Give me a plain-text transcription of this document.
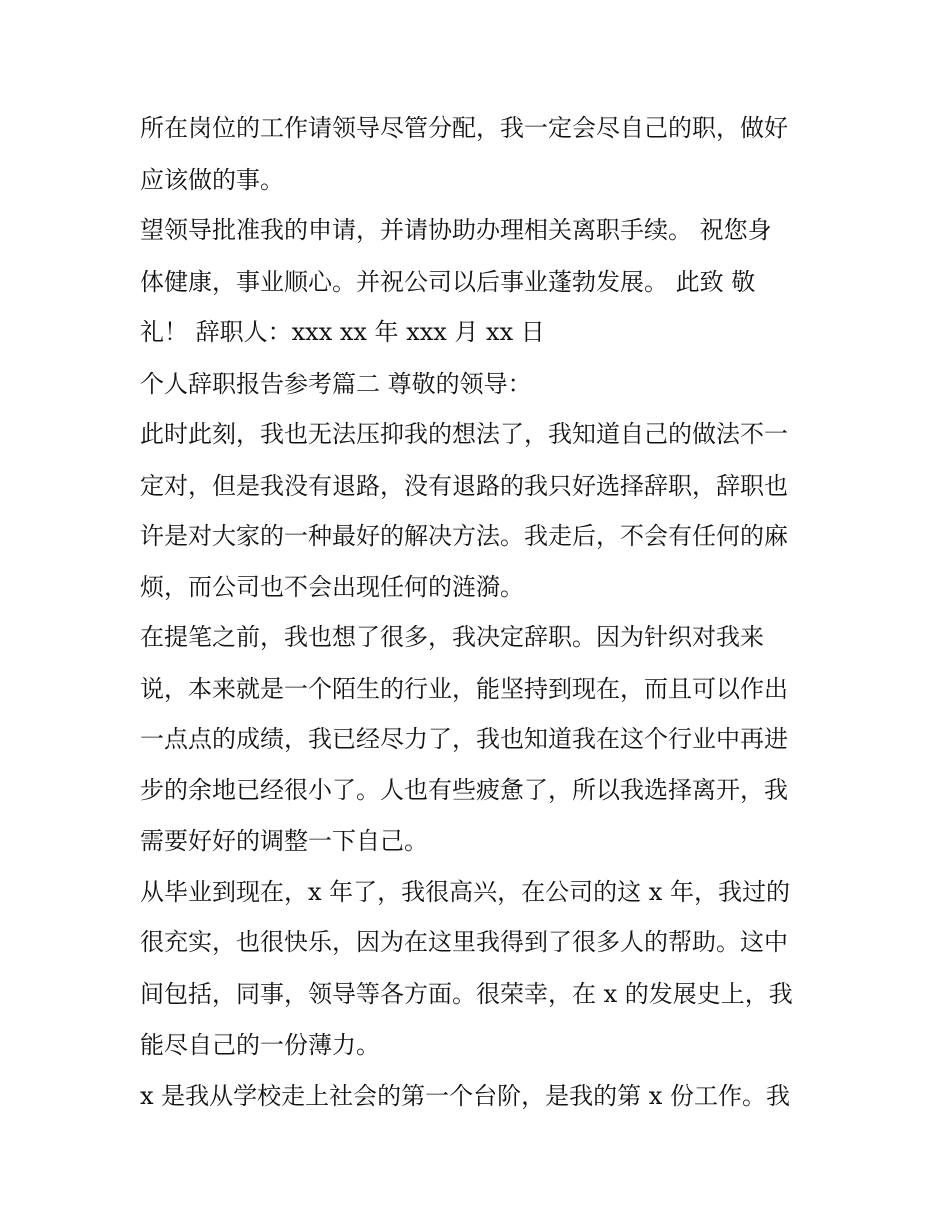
所在岗位的工作请领导尽管分配，我一定会尽自己的职，做好
应该做的事。
望领导批准我的申请，并请协助办理相关离职手续。 祝您身
体健康，事业顺心。并祝公司以后事业蓬勃发展。 此致 敬
礼！ 辞职人：xxx xx 年 xxx 月 xx 日
个人辞职报告参考篇二 尊敬的领导：
此时此刻，我也无法压抑我的想法了，我知道自己的做法不一
定对，但是我没有退路，没有退路的我只好选择辞职，辞职也
许是对大家的一种最好的解决方法。我走后，不会有任何的麻
烦，而公司也不会出现任何的涟漪。
在提笔之前，我也想了很多，我决定辞职。因为针织对我来
说，本来就是一个陌生的行业，能坚持到现在，而且可以作出
一点点的成绩，我已经尽力了，我也知道我在这个行业中再进
步的余地已经很小了。人也有些疲惫了，所以我选择离开，我
需要好好的调整一下自己。
从毕业到现在，x 年了，我很高兴，在公司的这 x 年，我过的
很充实，也很快乐，因为在这里我得到了很多人的帮助。这中
间包括，同事，领导等各方面。很荣幸，在 x 的发展史上，我
能尽自己的一份薄力。
x 是我从学校走上社会的第一个台阶，是我的第 x 份工作。我
